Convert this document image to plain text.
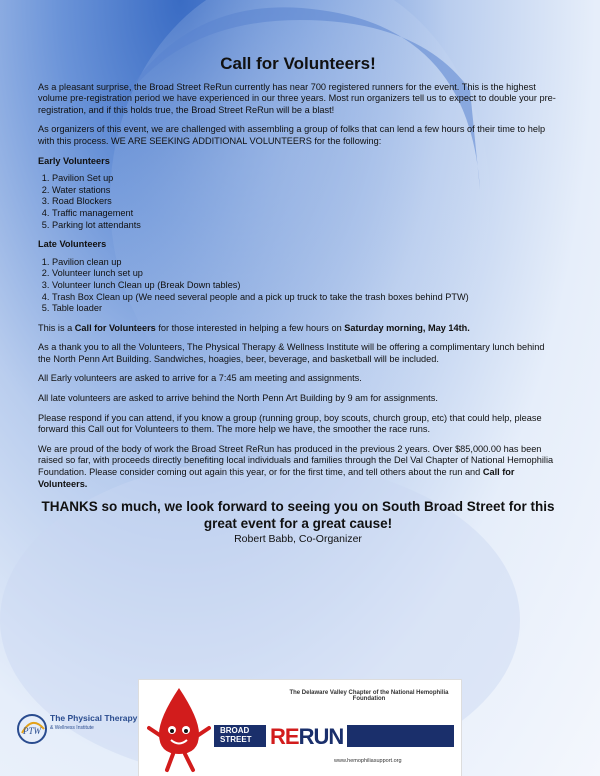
Call for Volunteers!

As a pleasant surprise, the Broad Street ReRun currently has near 700 registered runners for the event. This is the highest volume pre-registration period we have experienced in our three years. Most run organizers tell us to expect to double your pre-registration, and if this holds true, the Broad Street ReRun will be a blast!

As organizers of this event, we are challenged with assembling a group of folks that can lend a few hours of their time to help with this process. WE ARE SEEKING ADDITIONAL VOLUNTEERS for the following:

Early Volunteers
1. Pavilion Set up
2. Water stations
3. Road Blockers
4. Traffic management
5. Parking lot attendants
Late Volunteers
1. Pavilion clean up
2. Volunteer lunch set up
3. Volunteer lunch Clean up (Break Down tables)
4. Trash Box Clean up (We need several people and a pick up truck to take the trash boxes behind PTW)
5. Table loader

This is a Call for Volunteers for those interested in helping a few hours on Saturday morning, May 14th.

As a thank you to all the Volunteers, The Physical Therapy & Wellness Institute will be offering a complimentary lunch behind the North Penn Art Building. Sandwiches, hoagies, beer, beverage, and basketball will be included.

All Early volunteers are asked to arrive for a 7:45 am meeting and assignments.

All late volunteers are asked to arrive behind the North Penn Art Building by 9 am for assignments.

Please respond if you can attend, if you know a group (running group, boy scouts, church group, etc) that could help, please forward this Call out for Volunteers to them. The more help we have, the smoother the race runs.

We are proud of the body of work the Broad Street ReRun has produced in the previous 2 years. Over $85,000.00 has been raised so far, with proceeds directly benefiting local individuals and families through the Del Val Chapter of National Hemophilia Foundation. Please consider coming out again this year, or for the first time, and tell others about the run and Call for Volunteers.

THANKS so much, we look forward to seeing you on South Broad Street for this great event for a great cause!
Robert Babb, Co-Organizer
PTW
The Physical Therapy
& Wellness Institute
The Delaware Valley Chapter of the National Hemophilia Foundation
BROAD
STREET RERUN
www.hemophiliasupport.org
